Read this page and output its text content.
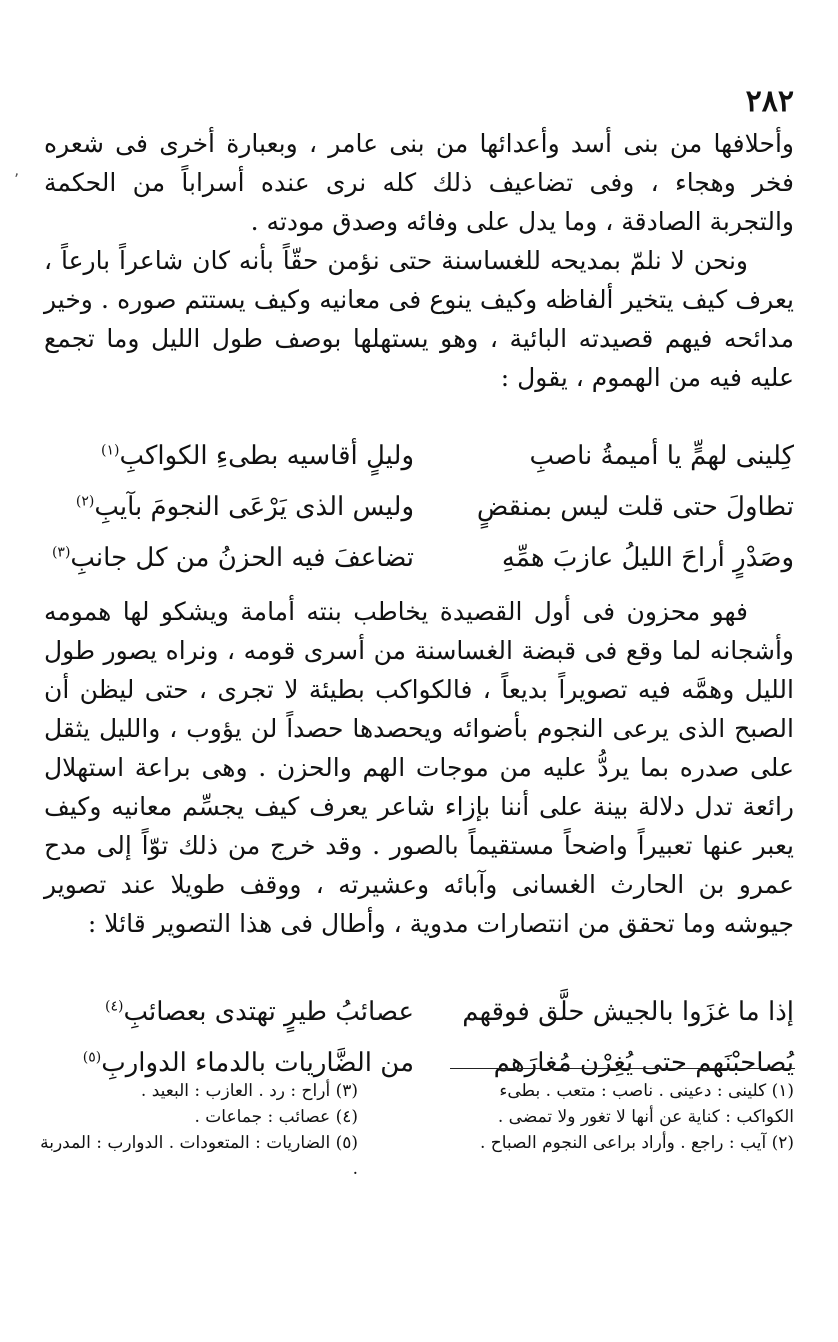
٢٨٢
٬

وأحلافها من بنى أسد وأعدائها من بنى عامر ، وبعبارة أخرى فى شعره فخر وهجاء ، وفى تضاعيف ذلك كله نرى عنده أسراباً من الحكمة والتجربة الصادقة ، وما يدل على وفائه وصدق مودته .

ونحن لا نلمّ بمديحه للغساسنة حتى نؤمن حقّاً بأنه كان شاعراً بارعاً ، يعرف كيف يتخير ألفاظه وكيف ينوع فى معانيه وكيف يستتم صوره . وخير مدائحه فيهم قصيدته البائية ، وهو يستهلها بوصف طول الليل وما تجمع عليه فيه من الهموم ، يقول :

كِلينى لهمٍّ يا أميمةُ ناصبِ
وليلٍ أقاسيه بطىءِ الكواكبِ$^{(١)}$
تطاولَ حتى قلت ليس بمنقضٍ
وليس الذى يَرْعَى النجومَ بآيبِ$^{(٢)}$
وصَدْرٍ أراحَ الليلُ عازبَ همِّهِ
تضاعفَ فيه الحزنُ من كل جانبِ$^{(٣)}$

فهو محزون فى أول القصيدة يخاطب بنته أمامة ويشكو لها همومه وأشجانه لما وقع فى قبضة الغساسنة من أسرى قومه ، ونراه يصور طول الليل وهمَّه فيه تصويراً بديعاً ، فالكواكب بطيئة لا تجرى ، حتى ليظن أن الصبح الذى يرعى النجوم بأضوائه ويحصدها حصداً لن يؤوب ، والليل يثقل على صدره بما يردُّ عليه من موجات الهم والحزن . وهى براعة استهلال رائعة تدل دلالة بينة على أننا بإزاء شاعر يعرف كيف يجسِّم معانيه وكيف يعبر عنها تعبيراً واضحاً مستقيماً بالصور . وقد خرج من ذلك توّاً إلى مدح عمرو بن الحارث الغسانى وآبائه وعشيرته ، ووقف طويلا عند تصوير جيوشه وما تحقق من انتصارات مدوية ، وأطال فى هذا التصوير قائلا :

إذا ما غزَوا بالجيش حلَّق فوقهم
عصائبُ طيرٍ تهتدى بعصائبِ$^{(٤)}$
يُصاحبْنَهم حتى يُغِرْن مُغارَهم
من الضَّاريات بالدماء الدواربِ$^{(٥)}$

(١) كلينى : دعينى . ناصب : متعب . بطىء الكواكب : كناية عن أنها لا تغور ولا تمضى .

(٢) آيب : راجع . وأراد براعى النجوم الصباح .

(٣) أراح : رد . العازب : البعيد .

(٤) عصائب : جماعات .

(٥) الضاريات : المتعودات . الدوارب : المدربة .
